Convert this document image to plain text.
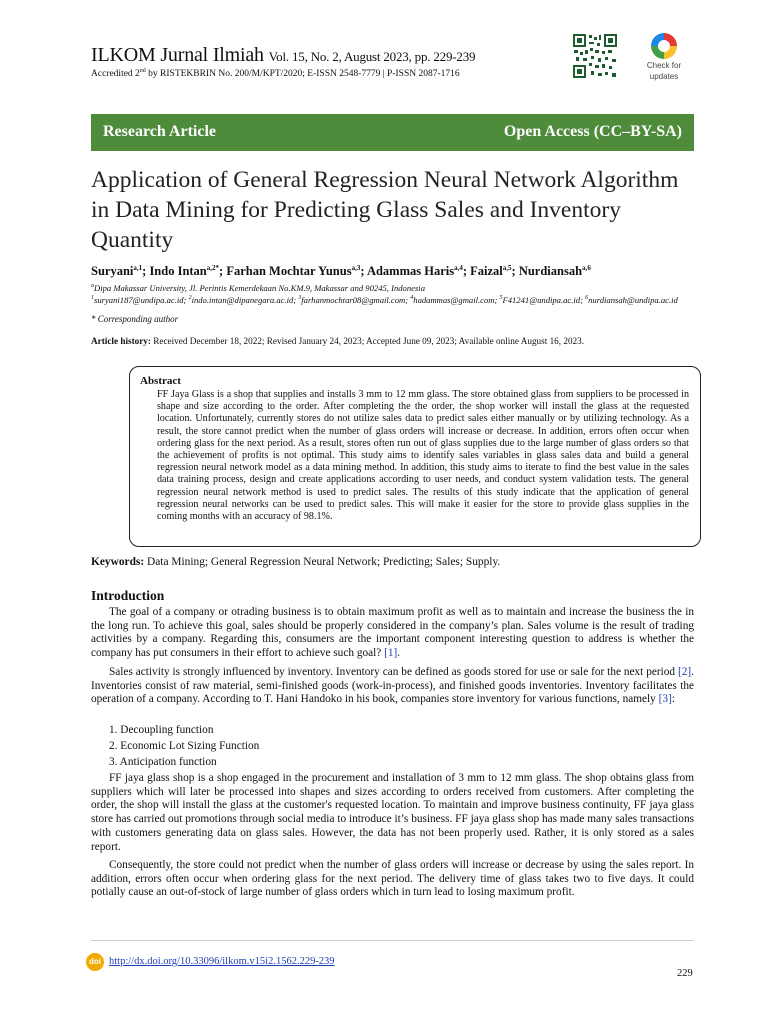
ILKOM Jurnal Ilmiah Vol. 15, No. 2, August 2023, pp. 229-239
Accredited 2nd by RISTEKBRIN No. 200/M/KPT/2020; E-ISSN 2548-7779 | P-ISSN 2087-1716
Check for
updates
Research Article	Open Access (CC–BY-SA)
Application of General Regression Neural Network Algorithm in Data Mining for Predicting Glass Sales and Inventory Quantity
Suryani$^{a,1}$; Indo Intan$^{a,2*}$; Farhan Mochtar Yunus$^{a,3}$; Adammas Haris$^{a,4}$; Faizal$^{a,5}$; Nurdiansah$^{a,6}$
$^a$Dipa Makassar University, Jl. Perintis Kemerdekaan No.KM.9, Makassar and 90245, Indonesia
$^1$suryani187@undipa.ac.id; $^2$indo.intan@dipanegara.ac.id; $^3$farhanmochtar08@gmail.com; $^4$hadammas@gmail.com; $^5$F41241@undipa.ac.id; $^6$nurdiansah@undipa.ac.id
* Corresponding author
Article history: Received December 18, 2022; Revised January 24, 2023; Accepted June 09, 2023; Available online August 16, 2023.
Abstract
FF Jaya Glass is a shop that supplies and installs 3 mm to 12 mm glass. The store obtained glass from suppliers to be processed in shape and size according to the order. After completing the the order, the shop worker will install the glass at the requested location. Unfortunately, currently stores do not utilize sales data to predict sales either manually or by utilizing technology. As a result, the store cannot predict when the number of glass orders will increase or decrease. In addition, errors often occur when ordering glass for the next period. As a result, stores often run out of glass supplies due to the large number of glass orders so that the achievement of profits is not optimal. This study aims to identify sales variables in glass sales data and build a general regression neural network model as a data mining method. In addition, this study aims to iterate to find the best value in the sales data training process, design and create applications according to user needs, and conduct system validation tests. The general regression neural network method is used to predict sales. The results of this study indicate that the application of general regression neural networks can be used to predict sales. This will make it easier for the store to provide glass supplies in the coming months with an accuracy of 98.1%.
Keywords: Data Mining; General Regression Neural Network; Predicting; Sales; Supply.
Introduction
The goal of a company or otrading business is to obtain maximum profit as well as to maintain and increase the business the in the long run. To achieve this goal, sales should be properly considered in the company’s plan. Sales volume is the result of trading activities by a company. Regarding this, consumers are the important component interesting question to address is whether the company has put consumers in their effort to achieve such goal? [1].
Sales activity is strongly influenced by inventory. Inventory can be defined as goods stored for use or sale for the next period [2]. Inventories consist of raw material, semi-finished goods (work-in-process), and finished goods inventories. Inventory facilitates the operation of a company. According to T. Hani Handoko in his book, companies store inventory for various functions, namely [3]:
1. Decoupling function
2. Economic Lot Sizing Function
3. Anticipation function
FF jaya glass shop is a shop engaged in the procurement and installation of 3 mm to 12 mm glass. The shop obtains glass from suppliers which will later be processed into shapes and sizes according to orders received from customers. After completing the order, the shop will install the glass at the customer's requested location. To maintain and improve business continuity, FF jaya glass store has carried out promotions through social media to introduce it’s business. FF jaya glass shop has made many sales transactions with customers generating data on glass sales. However, the data has not been properly used. Rather, it is only stored as a sales report.
Consequently, the store could not predict when the number of glass orders will increase or decrease by using the sales report. In addition, errors often occur when ordering glass for the next period. The delivery time of glass takes two to five days. It could potially cause an out-of-stock of large number of glass orders which in turn lead to losing maximum profit.
doi http://dx.doi.org/10.33096/ilkom.v15i2.1562.229-239
229
